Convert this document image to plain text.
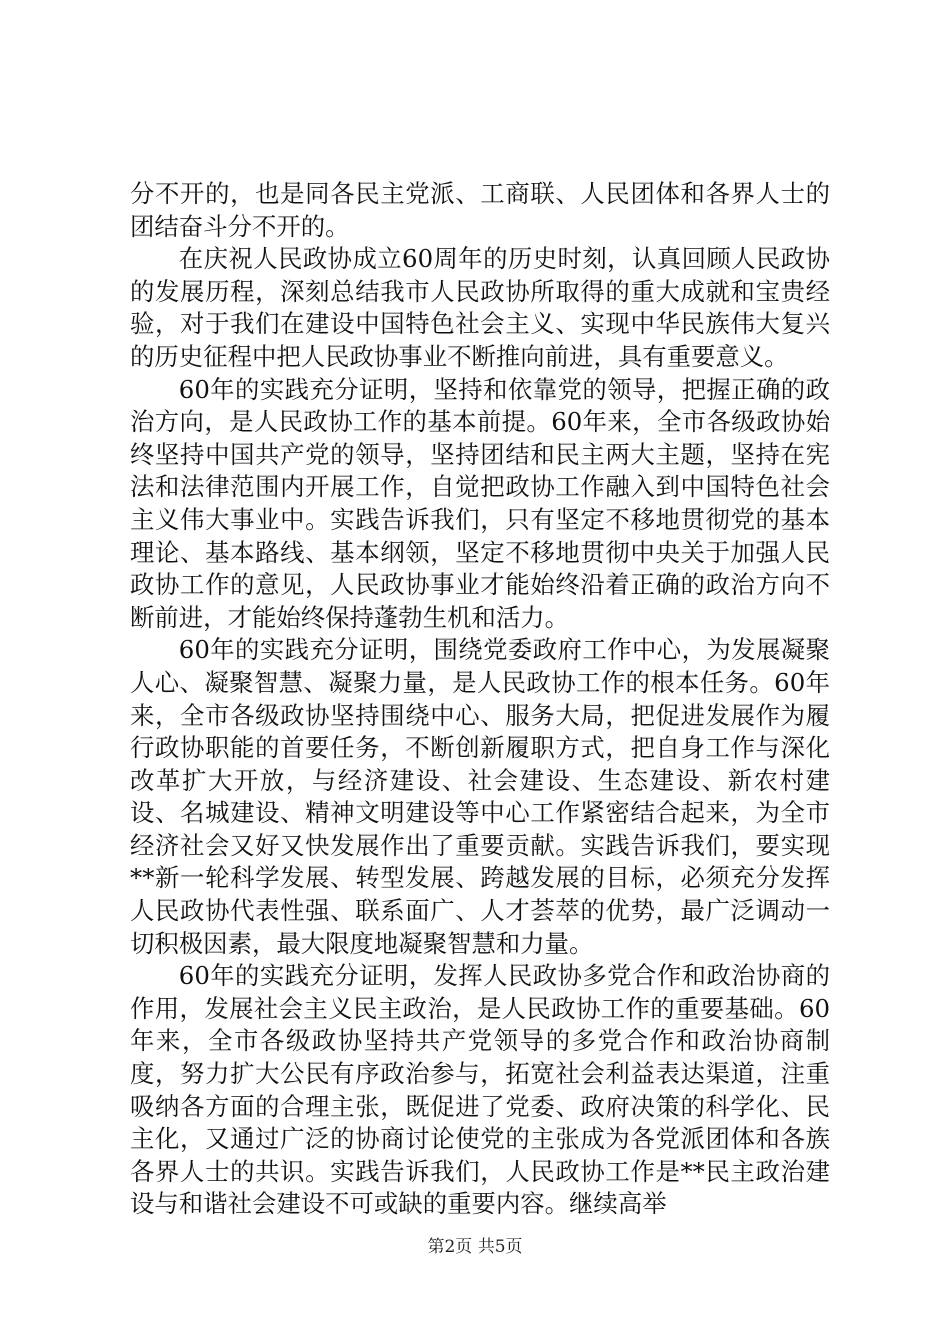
分不开的，也是同各民主党派、工商联、人民团体和各界人士的团结奋斗分不开的。

在庆祝人民政协成立60周年的历史时刻，认真回顾人民政协的发展历程，深刻总结我市人民政协所取得的重大成就和宝贵经验，对于我们在建设中国特色社会主义、实现中华民族伟大复兴的历史征程中把人民政协事业不断推向前进，具有重要意义。

60年的实践充分证明，坚持和依靠党的领导，把握正确的政治方向，是人民政协工作的基本前提。60年来，全市各级政协始终坚持中国共产党的领导，坚持团结和民主两大主题，坚持在宪法和法律范围内开展工作，自觉把政协工作融入到中国特色社会主义伟大事业中。实践告诉我们，只有坚定不移地贯彻党的基本理论、基本路线、基本纲领，坚定不移地贯彻中央关于加强人民政协工作的意见，人民政协事业才能始终沿着正确的政治方向不断前进，才能始终保持蓬勃生机和活力。

60年的实践充分证明，围绕党委政府工作中心，为发展凝聚人心、凝聚智慧、凝聚力量，是人民政协工作的根本任务。60年来，全市各级政协坚持围绕中心、服务大局，把促进发展作为履行政协职能的首要任务，不断创新履职方式，把自身工作与深化改革扩大开放，与经济建设、社会建设、生态建设、新农村建设、名城建设、精神文明建设等中心工作紧密结合起来，为全市经济社会又好又快发展作出了重要贡献。实践告诉我们，要实现**新一轮科学发展、转型发展、跨越发展的目标，必须充分发挥人民政协代表性强、联系面广、人才荟萃的优势，最广泛调动一切积极因素，最大限度地凝聚智慧和力量。

60年的实践充分证明，发挥人民政协多党合作和政治协商的作用，发展社会主义民主政治，是人民政协工作的重要基础。60年来，全市各级政协坚持共产党领导的多党合作和政治协商制度，努力扩大公民有序政治参与，拓宽社会利益表达渠道，注重吸纳各方面的合理主张，既促进了党委、政府决策的科学化、民主化，又通过广泛的协商讨论使党的主张成为各党派团体和各族各界人士的共识。实践告诉我们，人民政协工作是**民主政治建设与和谐社会建设不可或缺的重要内容。继续高举

第2页 共5页
